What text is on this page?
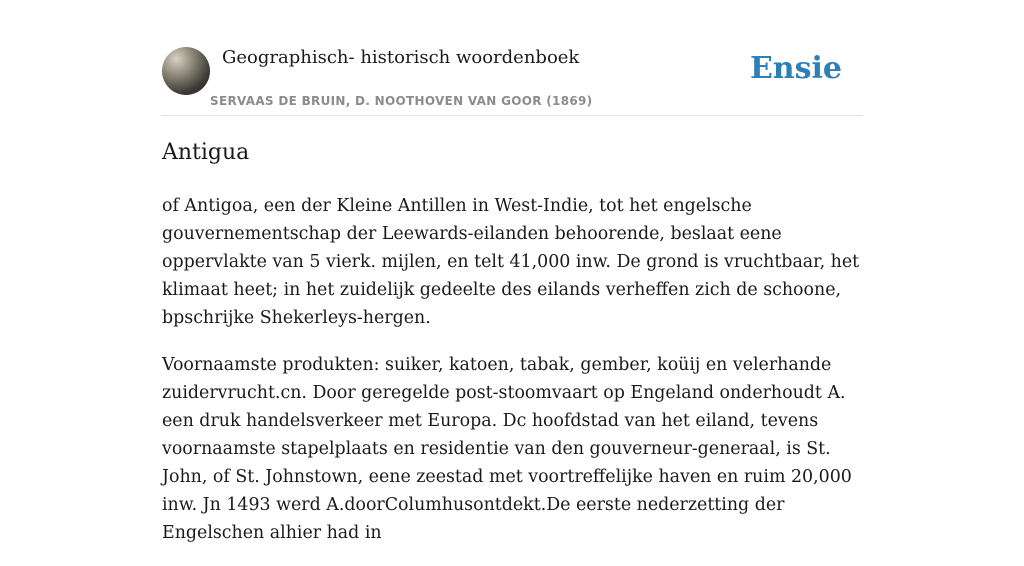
Geographisch- historisch woordenboek
SERVAAS DE BRUIN, D. NOOTHOVEN VAN GOOR (1869)
Ensie
Antigua

of Antigoa, een der Kleine Antillen in West-Indie, tot het engelsche gouvernementschap der Leewards-eilanden behoorende, beslaat eene oppervlakte van 5 vierk. mijlen, en telt 41,000 inw. De grond is vruchtbaar, het klimaat heet; in het zuidelijk gedeelte des eilands verheffen zich de schoone, bpschrijke Shekerleys-hergen.

Voornaamste produkten: suiker, katoen, tabak, gember, koüij en velerhande zuidervrucht.cn. Door geregelde post-stoomvaart op Engeland onderhoudt A. een druk handelsverkeer met Europa. Dc hoofdstad van het eiland, tevens voornaamste stapelplaats en residentie van den gouverneur-generaal, is St. John, of St. Johnstown, eene zeestad met voortreffelijke haven en ruim 20,000 inw. Jn 1493 werd A.doorColumhusontdekt.De eerste nederzetting der Engelschen alhier had in
